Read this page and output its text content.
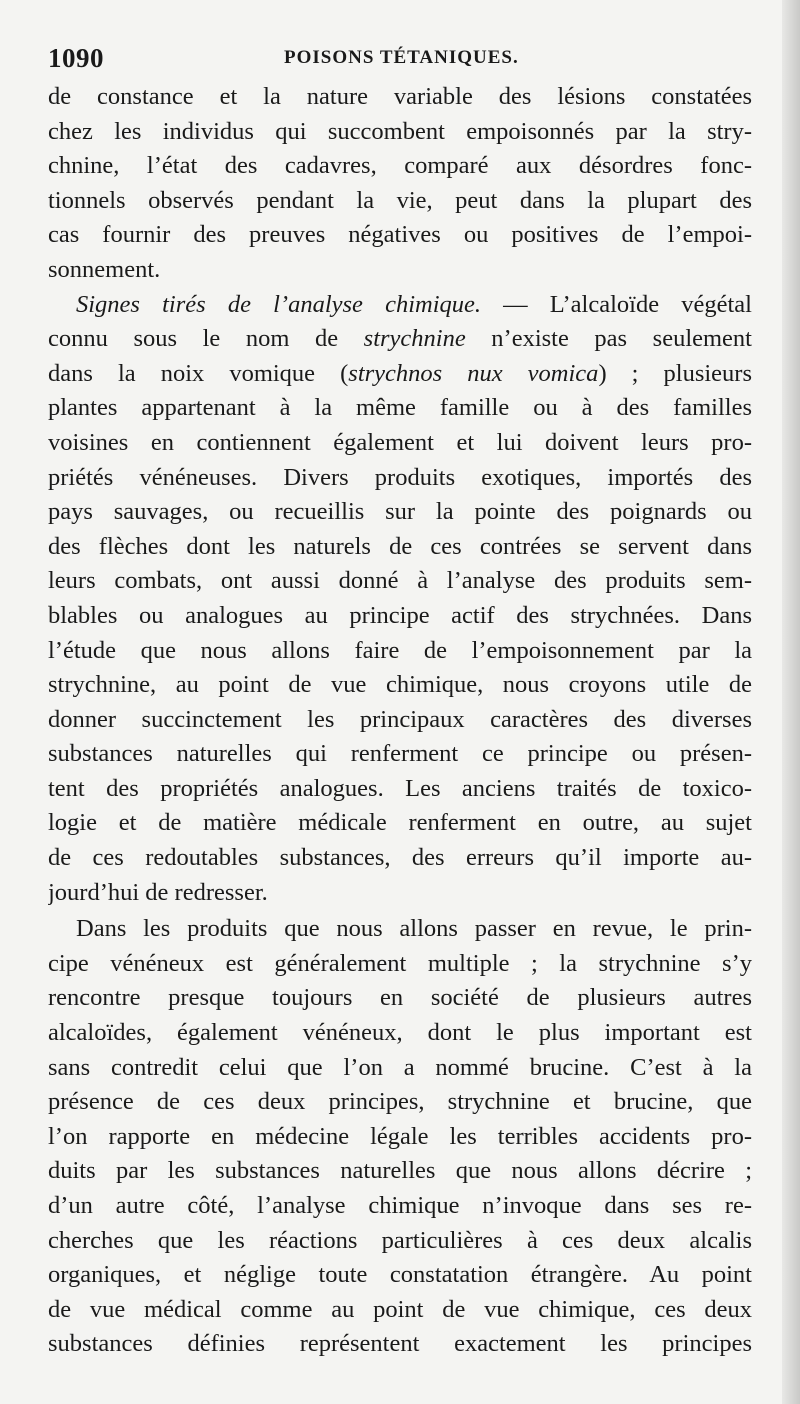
1090	POISONS TÉTANIQUES.
de constance et la nature variable des lésions constatées
chez les individus qui succombent empoisonnés par la stry-
chnine, l’état des cadavres, comparé aux désordres fonc-
tionnels observés pendant la vie, peut dans la plupart des
cas fournir des preuves négatives ou positives de l’empoi-
sonnement.
Signes tirés de l’analyse chimique. — L’alcaloïde végétal
connu sous le nom de strychnine n’existe pas seulement
dans la noix vomique (strychnos nux vomica) ; plusieurs
plantes appartenant à la même famille ou à des familles
voisines en contiennent également et lui doivent leurs pro-
priétés vénéneuses. Divers produits exotiques, importés des
pays sauvages, ou recueillis sur la pointe des poignards ou
des flèches dont les naturels de ces contrées se servent dans
leurs combats, ont aussi donné à l’analyse des produits sem-
blables ou analogues au principe actif des strychnées. Dans
l’étude que nous allons faire de l’empoisonnement par la
strychnine, au point de vue chimique, nous croyons utile de
donner succinctement les principaux caractères des diverses
substances naturelles qui renferment ce principe ou présen-
tent des propriétés analogues. Les anciens traités de toxico-
logie et de matière médicale renferment en outre, au sujet
de ces redoutables substances, des erreurs qu’il importe au-
jourd’hui de redresser.
Dans les produits que nous allons passer en revue, le prin-
cipe vénéneux est généralement multiple ; la strychnine s’y
rencontre presque toujours en société de plusieurs autres
alcaloïdes, également vénéneux, dont le plus important est
sans contredit celui que l’on a nommé brucine. C’est à la
présence de ces deux principes, strychnine et brucine, que
l’on rapporte en médecine légale les terribles accidents pro-
duits par les substances naturelles que nous allons décrire ;
d’un autre côté, l’analyse chimique n’invoque dans ses re-
cherches que les réactions particulières à ces deux alcalis
organiques, et néglige toute constatation étrangère. Au point
de vue médical comme au point de vue chimique, ces deux
substances définies représentent exactement les principes
